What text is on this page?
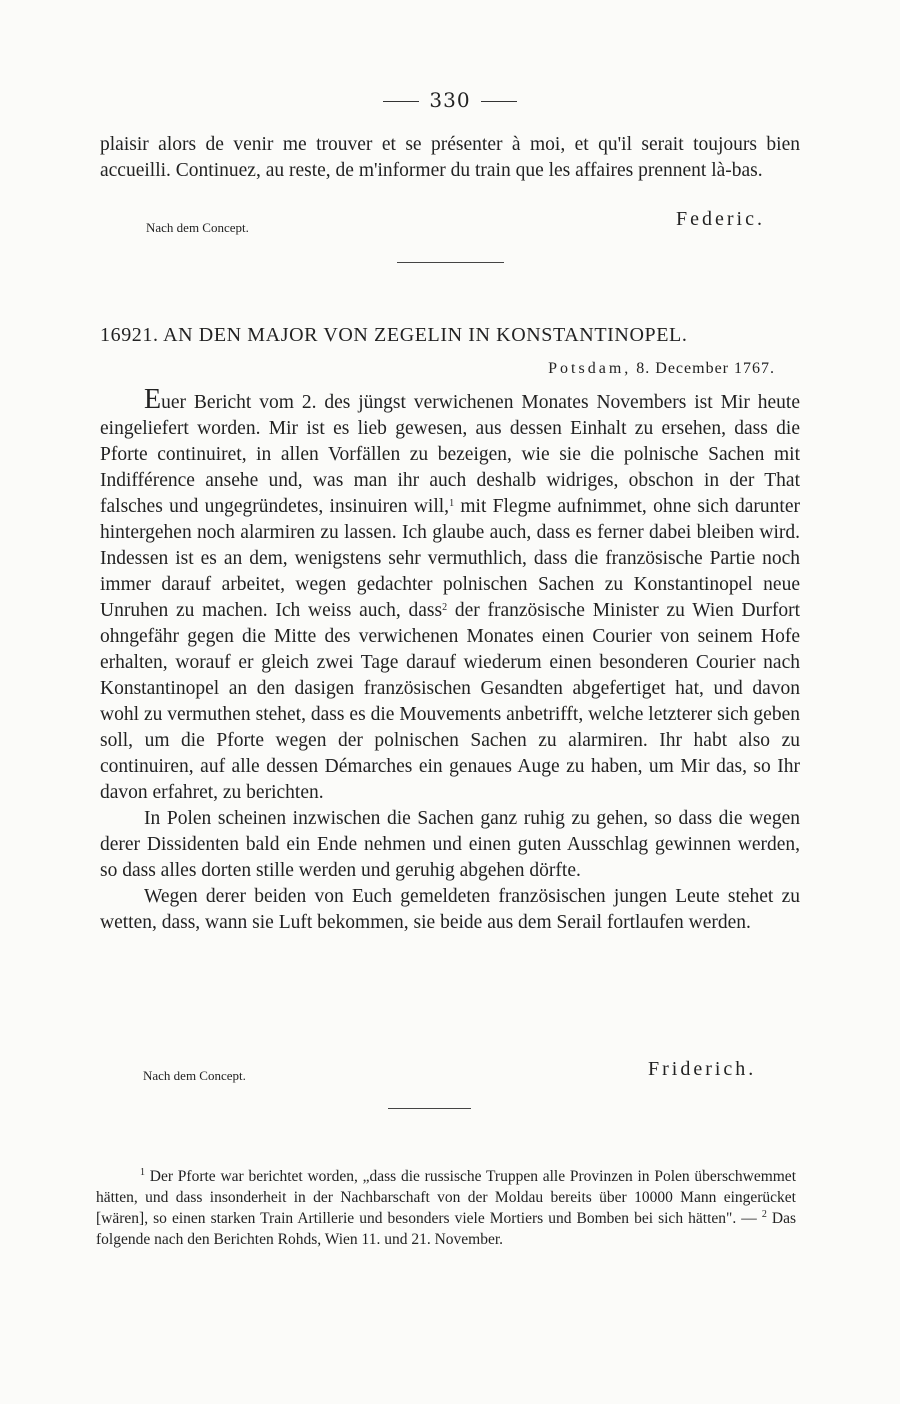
330

plaisir alors de venir me trouver et se présenter à moi, et qu'il serait toujours bien accueilli. Continuez, au reste, de m'informer du train que les affaires prennent là-bas.

Nach dem Concept.	Federic.
16921. AN DEN MAJOR VON ZEGELIN IN KONSTANTINOPEL.
Potsdam, 8. December 1767.

Euer Bericht vom 2. des jüngst verwichenen Monates Novembers ist Mir heute eingeliefert worden. Mir ist es lieb gewesen, aus dessen Einhalt zu ersehen, dass die Pforte continuiret, in allen Vorfällen zu bezeigen, wie sie die polnische Sachen mit Indifférence ansehe und, was man ihr auch deshalb widriges, obschon in der That falsches und ungegründetes, insinuiren will,$^1$ mit Flegme aufnimmet, ohne sich darunter hintergehen noch alarmiren zu lassen. Ich glaube auch, dass es ferner dabei bleiben wird. Indessen ist es an dem, wenigstens sehr vermuthlich, dass die französische Partie noch immer darauf arbeitet, wegen gedachter polnischen Sachen zu Konstantinopel neue Unruhen zu machen. Ich weiss auch, dass$^2$ der französische Minister zu Wien Durfort ohngefähr gegen die Mitte des verwichenen Monates einen Courier von seinem Hofe erhalten, worauf er gleich zwei Tage darauf wiederum einen besonderen Courier nach Konstantinopel an den dasigen französischen Gesandten abgefertiget hat, und davon wohl zu vermuthen stehet, dass es die Mouvements anbetrifft, welche letzterer sich geben soll, um die Pforte wegen der polnischen Sachen zu alarmiren. Ihr habt also zu continuiren, auf alle dessen Démarches ein genaues Auge zu haben, um Mir das, so Ihr davon erfahret, zu berichten.

In Polen scheinen inzwischen die Sachen ganz ruhig zu gehen, so dass die wegen derer Dissidenten bald ein Ende nehmen und einen guten Ausschlag gewinnen werden, so dass alles dorten stille werden und geruhig abgehen dörfte.

Wegen derer beiden von Euch gemeldeten französischen jungen Leute stehet zu wetten, dass, wann sie Luft bekommen, sie beide aus dem Serail fortlaufen werden.

Nach dem Concept.	Friderich.

$^1$ Der Pforte war berichtet worden, „dass die russische Truppen alle Provinzen in Polen überschwemmet hätten, und dass insonderheit in der Nachbarschaft von der Moldau bereits über 10000 Mann eingerücket [wären], so einen starken Train Artillerie und besonders viele Mortiers und Bomben bei sich hätten". — $^2$ Das folgende nach den Berichten Rohds, Wien 11. und 21. November.
